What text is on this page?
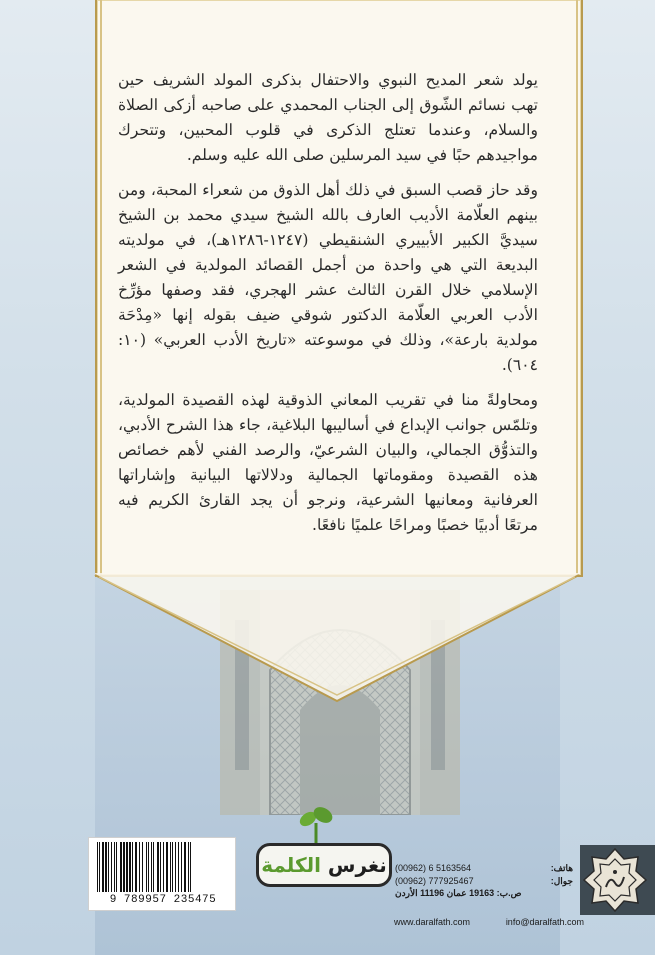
يولد شعر المديح النبوي والاحتفال بذكرى المولد الشريف حين تهب نسائم الشّوق إلى الجناب المحمدي على صاحبه أزكى الصلاة والسلام، وعندما تعتلج الذكرى في قلوب المحبين، وتتحرك مواجيدهم حبًا في سيد المرسلين صلى الله عليه وسلم.

وقد حاز قصب السبق في ذلك أهل الذوق من شعراء المحبة، ومن بينهم العلّامة الأديب العارف بالله الشيخ سيدي محمد بن الشيخ سيديَّ الكبير الأبييري الشنقيطي (١٢٤٧-١٢٨٦هـ)، في مولديته البديعة التي هي واحدة من أجمل القصائد المولدية في الشعر الإسلامي خلال القرن الثالث عشر الهجري، فقد وصفها مؤرِّخ الأدب العربي العلّامة الدكتور شوقي ضيف بقوله إنها «مِدْحَة مولدية بارعة»، وذلك في موسوعته «تاريخ الأدب العربي» (١٠: ٦٠٤).

ومحاولةً منا في تقريب المعاني الذوقية لهذه القصيدة المولدية، وتلمّس جوانب الإبداع في أساليبها البلاغية، جاء هذا الشرح الأدبي، والتذوُّق الجمالي، والبيان الشرعيّ، والرصد الفني لأهم خصائص هذه القصيدة ومقوماتها الجمالية ودلالاتها البيانية وإشاراتها العرفانية ومعانيها الشرعية، ونرجو أن يجد القارئ الكريم فيه مرتعًا أدبيًا خصبًا ومراحًا علميًا نافعًا.

نغرس

الكلمة
9 789957 235475
(00962) 6 5163564	هاتف:
(00962) 777925467	جوال:
ص.ب: 19163 عمان 11196 الأردن
www.daralfath.com	info@daralfath.com
